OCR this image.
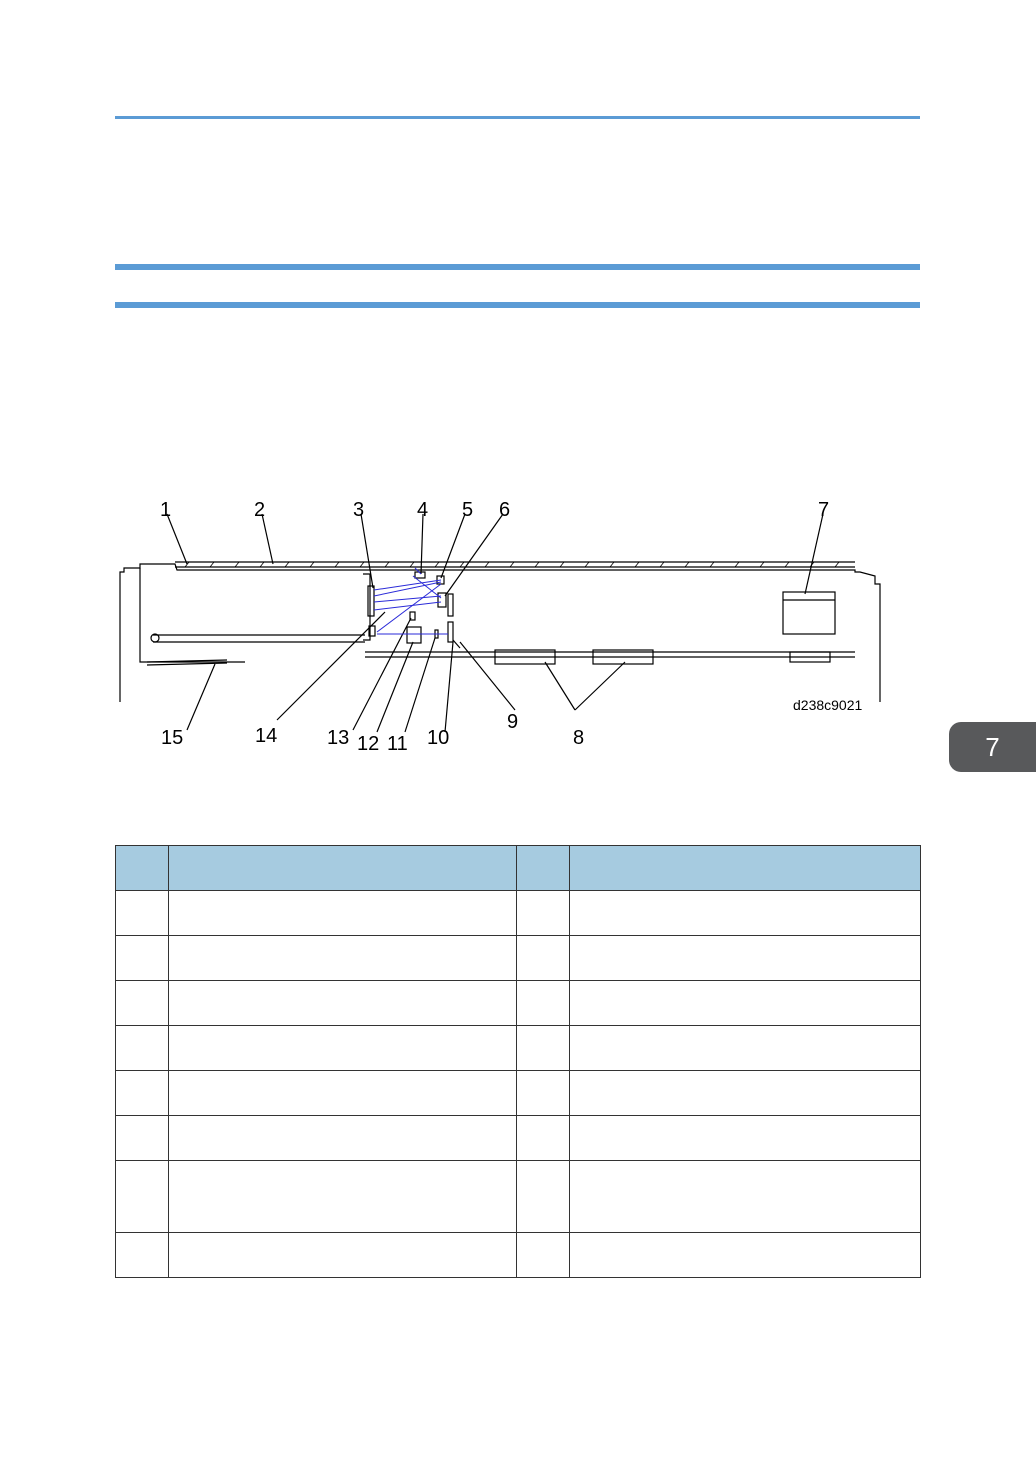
1	2	3	4 5 6	7
8
9
10
11
12
13
14
15
d238c9021
7
